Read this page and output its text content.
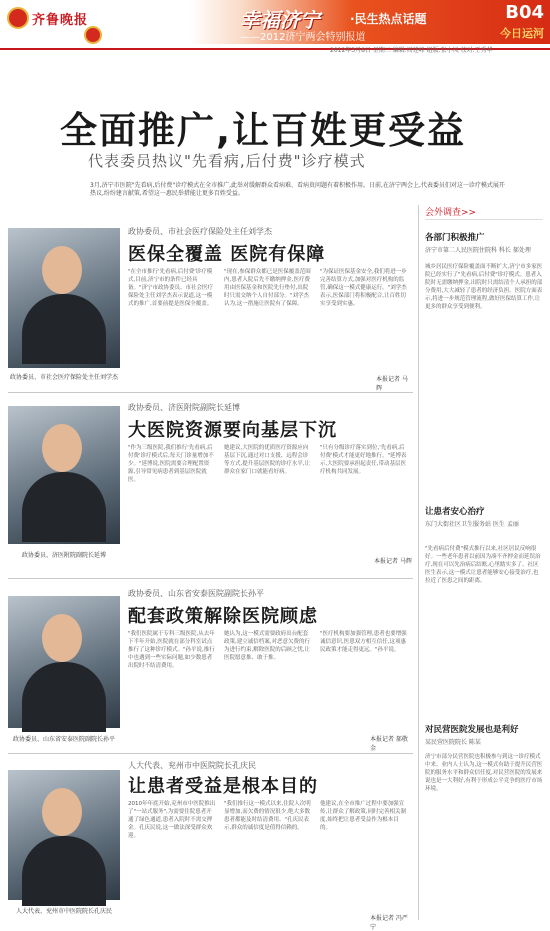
齐鲁晚报	幸福济宁	·民生热点话题
——2012济宁两会特别报道
B04
今日运河
2012年3月8日 星期三 编辑:周建峰 组版:张小凤 校对:王秀华
全面推广,让百姓更受益
代表委员热议"先看病,后付费"诊疗模式
3月,济宁市医院"先看病,后付费"诊疗模式在全市推广,此举对缓解群众看病难、看病贵问题有着积极作用。日前,在济宁两会上,代表委员们对这一诊疗模式展开热议,纷纷建言献策,希望这一惠民举措能让更多百姓受益。
政协委员、市社会医疗保险处主任刘学杰
政协委员、市社会医疗保险处主任刘学杰
医保全覆盖 医院有保障
"在全市推行'先看病,后付费'诊疗模式,目前,济宁市的条件已经具备。"济宁市政协委员、市社会医疗保险处主任刘学杰表示说道,这一模式的推广,首要前提是医保全覆盖。
"现在,参保群众都已是医保覆盖范围内,患者入院后先不缴纳押金,医疗费用由医保基金和医院先行垫付,出院时只需交纳个人自付部分。"刘学杰认为,这一措施让医院有了保障。
"为保证医保基金安全,我们将进一步完善结算方式,加强对医疗机构的监管,确保这一模式健康运行。"刘学杰表示,医保部门将积极配合,让百姓切实享受到实惠。
本报记者 马辉
政协委员、济医附院副院长延博
政协委员、济医附院副院长延博
大医院资源要向基层下沉
"作为三级医院,我们推行'先看病,后付费'诊疗模式后,每天门诊量增加不少。"延博说,医院需要合理配置资源,引导常见病患者到基层医院就医。
她建议,大医院的优质医疗资源应向基层下沉,通过对口支援、远程会诊等方式,提升基层医院的诊疗水平,让群众在家门口就能看好病。
"只有分级诊疗落实到位,'先看病,后付费'模式才能更好地推行。"延博表示,大医院要承担起责任,带动基层医疗机构共同发展。
本报记者 马辉
政协委员、山东省安泰医院副院长孙平
政协委员、山东省安泰医院副院长孙平
配套政策解除医院顾虑
"我们医院属于专科三级医院,从去年下半年开始,医院就在部分科室试点推行了这种诊疗模式。"孙平说,推行中也遇到一些实际问题,如少数患者出院时不结清费用。
她认为,这一模式需要政府出台配套政策,建立诚信档案,对恶意欠费的行为进行约束,解除医院的后顾之忧,让医院愿意推、敢于推。
"医疗机构要加强管理,患者也要增强诚信意识,医患双方相互信任,这项惠民政策才能走得更远。"孙平说。
本报记者 郝敬金
人大代表、兖州市中医院院长孔庆民
人大代表、兖州市中医院院长孔庆民
让患者受益是根本目的
2010年年底开始,兖州市中医院推出了"一站式服务",为需要住院患者开通了绿色通道,患者入院时不需交押金。孔庆民说,这一做法深受群众欢迎。
"我们推行这一模式以来,住院人次明显增加,而欠费的情况很少,绝大多数患者都能及时结清费用。"孔庆民表示,群众的诚信度是值得信赖的。
他建议,在全市推广过程中要加强宣传,让群众了解政策,同时完善相关制度,始终把让患者受益作为根本目的。
本报记者 冯严宁
会外调查>>
各部门积极推广
济宁市第二人民医院住院科 科长 郝处理
城乡居民医疗保险覆盖面不断扩大,济宁市多家医院已经实行了"先看病,后付费"诊疗模式。患者入院时无需缴纳押金,出院时只需结清个人承担的部分费用,大大减轻了患者的经济负担。医院方面表示,将进一步规范管理流程,做好医保结算工作,让更多的群众享受到便利。
让患者安心治疗
东门大街社区卫生服务站 医生 孟丽
"先看病后付费"模式推行以来,社区居民反响很好。一些老年患者以前因为凑不齐押金而延误治疗,现在可以先治病后结账,心里踏实多了。社区医生表示,这一模式让患者能够安心接受治疗,也拉近了医患之间的距离。
对民营医院发展也是利好
某民营医院院长 陈某
济宁市部分民营医院也积极参与到这一诊疗模式中来。业内人士认为,这一模式有助于提升民营医院的服务水平和群众信任度,对民营医院的发展来说也是一大利好,有利于形成公平竞争的医疗市场环境。
